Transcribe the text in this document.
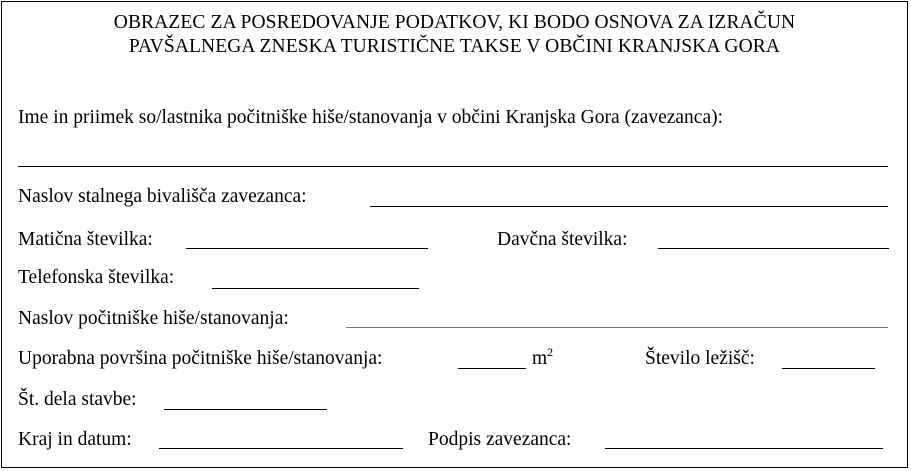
OBRAZEC ZA POSREDOVANJE PODATKOV, KI BODO OSNOVA ZA IZRAČUN
PAVŠALNEGA ZNESKA TURISTIČNE TAKSE V OBČINI KRANJSKA GORA
Ime in priimek so/lastnika počitniške hiše/stanovanja v občini Kranjska Gora (zavezanca):
Naslov stalnega bivališča zavezanca:
Matična številka:	Davčna številka:
Telefonska številka:
Naslov počitniške hiše/stanovanja:
Uporabna površina počitniške hiše/stanovanja:	$m^2$	Število ležišč:
Št. dela stavbe:
Kraj in datum:	Podpis zavezanca:
